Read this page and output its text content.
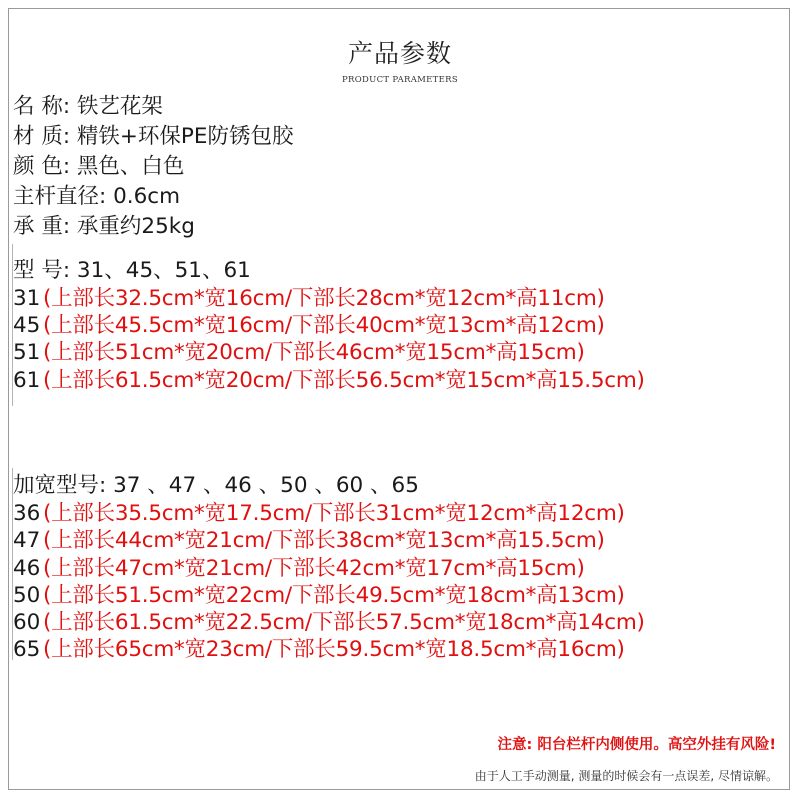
产品参数
PRODUCT PARAMETERS
名 称: 铁艺花架
材 质: 精铁+环保PE防锈包胶
颜 色: 黑色、白色
主杆直径: 0.6cm
承 重: 承重约25kg
型 号: 31、45、51、61
31 (上部长32.5cm*宽16cm/下部长28cm*宽12cm*高11cm)
45 (上部长45.5cm*宽16cm/下部长40cm*宽13cm*高12cm)
51 (上部长51cm*宽20cm/下部长46cm*宽15cm*高15cm)
61 (上部长61.5cm*宽20cm/下部长56.5cm*宽15cm*高15.5cm)
加宽型号: 37 、47 、46 、50 、60 、65
36 (上部长35.5cm*宽17.5cm/下部长31cm*宽12cm*高12cm)
47 (上部长44cm*宽21cm/下部长38cm*宽13cm*高15.5cm)
46 (上部长47cm*宽21cm/下部长42cm*宽17cm*高15cm)
50 (上部长51.5cm*宽22cm/下部长49.5cm*宽18cm*高13cm)
60 (上部长61.5cm*宽22.5cm/下部长57.5cm*宽18cm*高14cm)
65 (上部长65cm*宽23cm/下部长59.5cm*宽18.5cm*高16cm)
注意: 阳台栏杆内侧使用。高空外挂有风险!
由于人工手动测量, 测量的时候会有一点误差, 尽情谅解。
